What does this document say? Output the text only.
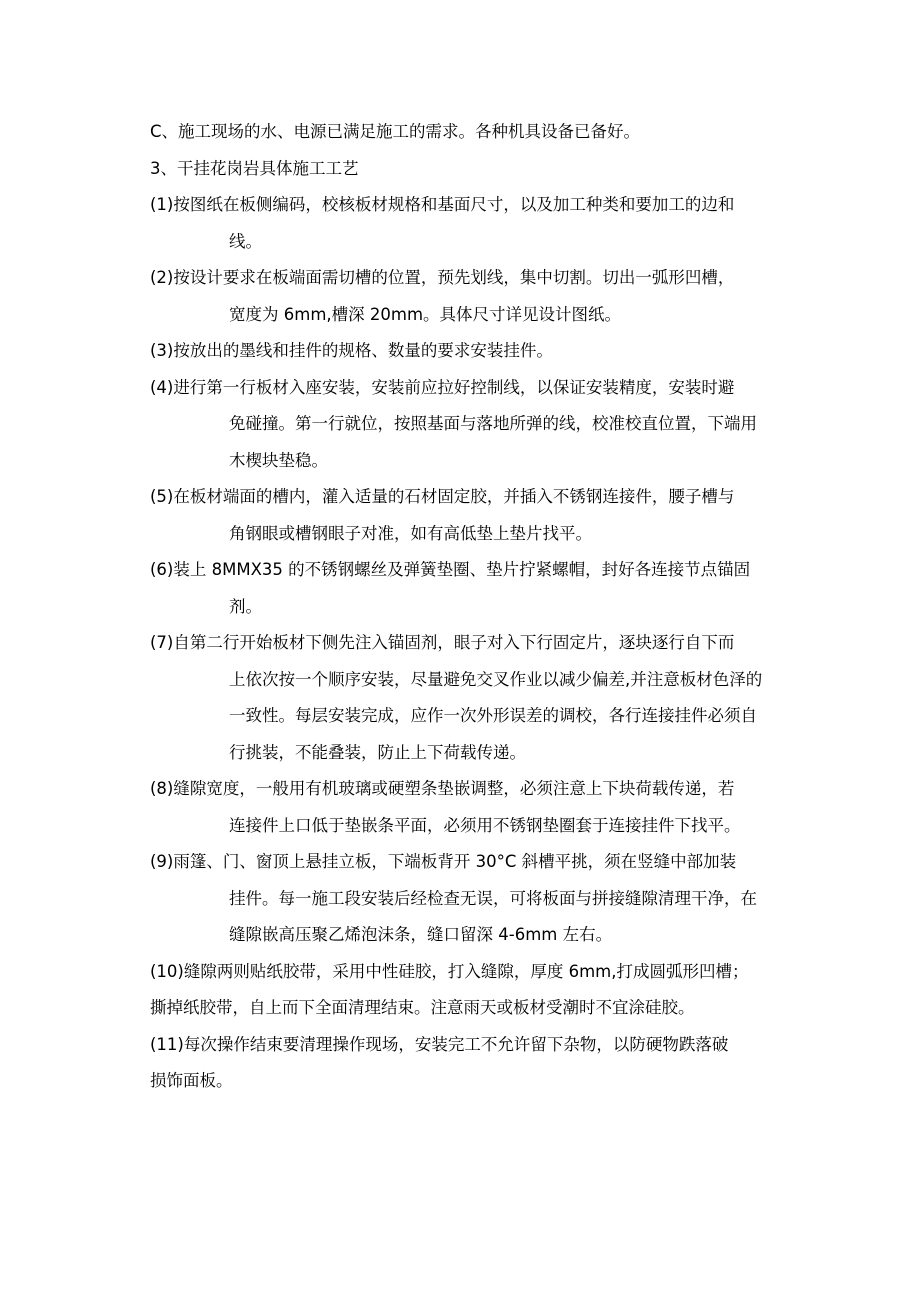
C、施工现场的水、电源已满足施工的需求。各种机具设备已备好。

3、干挂花岗岩具体施工工艺

(1)按图纸在板侧编码，校核板材规格和基面尺寸，以及加工种类和要加工的边和
线。

(2)按设计要求在板端面需切槽的位置，预先划线，集中切割。切出一弧形凹槽，
宽度为 6mm,槽深 20mm。具体尺寸详见设计图纸。

(3)按放出的墨线和挂件的规格、数量的要求安装挂件。

(4)进行第一行板材入座安装，安装前应拉好控制线，以保证安装精度，安装时避
免碰撞。第一行就位，按照基面与落地所弹的线，校准校直位置，下端用
木楔块垫稳。

(5)在板材端面的槽内，灌入适量的石材固定胶，并插入不锈钢连接件，腰子槽与
角钢眼或槽钢眼子对准，如有高低垫上垫片找平。

(6)装上 8MMX35 的不锈钢螺丝及弹簧垫圈、垫片拧紧螺帽，封好各连接节点锚固
剂。

(7)自第二行开始板材下侧先注入锚固剂，眼子对入下行固定片，逐块逐行自下而
上依次按一个顺序安装，尽量避免交叉作业以减少偏差,并注意板材色泽的
一致性。每层安装完成，应作一次外形误差的调校，各行连接挂件必须自
行挑装，不能叠装，防止上下荷载传递。

(8)缝隙宽度，一般用有机玻璃或硬塑条垫嵌调整，必须注意上下块荷载传递，若
连接件上口低于垫嵌条平面，必须用不锈钢垫圈套于连接挂件下找平。

(9)雨篷、门、窗顶上悬挂立板，下端板背开 30°C 斜槽平挑，须在竖缝中部加装
挂件。每一施工段安装后经检查无误，可将板面与拼接缝隙清理干净，在
缝隙嵌高压聚乙烯泡沫条，缝口留深 4-6mm 左右。

(10)缝隙两则贴纸胶带，采用中性硅胶，打入缝隙，厚度 6mm,打成圆弧形凹槽；
撕掉纸胶带，自上而下全面清理结束。注意雨天或板材受潮时不宜涂硅胶。

(11)每次操作结束要清理操作现场，安装完工不允许留下杂物，以防硬物跌落破
损饰面板。
